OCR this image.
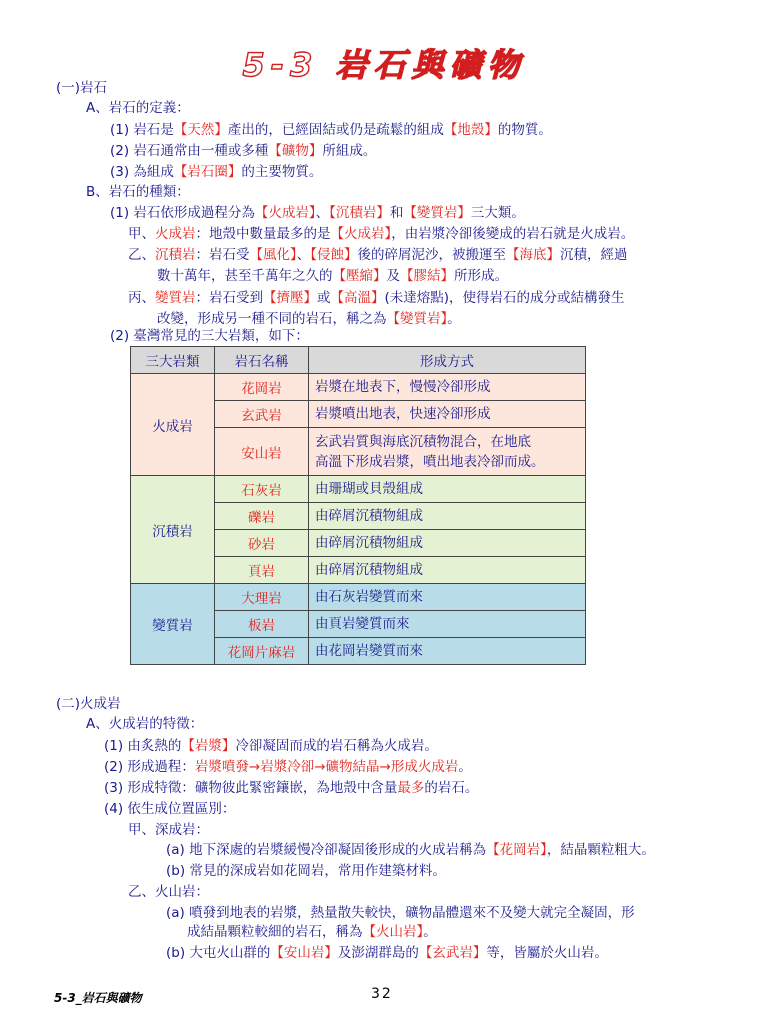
5-3 岩石與礦物
(一)岩石
A、岩石的定義：
(1) 岩石是【天然】產出的，已經固結或仍是疏鬆的組成【地殼】的物質。
(2) 岩石通常由一種或多種【礦物】所組成。
(3) 為組成【岩石圈】的主要物質。
B、岩石的種類：
(1) 岩石依形成過程分為【火成岩】、【沉積岩】和【變質岩】三大類。
甲、火成岩：地殼中數量最多的是【火成岩】，由岩漿冷卻後變成的岩石就是火成岩。
乙、沉積岩：岩石受【風化】、【侵蝕】後的碎屑泥沙，被搬運至【海底】沉積，經過
數十萬年，甚至千萬年之久的【壓縮】及【膠結】所形成。
丙、變質岩：岩石受到【擠壓】或【高溫】(未達熔點)，使得岩石的成分或結構發生
改變，形成另一種不同的岩石，稱之為【變質岩】。
(2) 臺灣常見的三大岩類，如下：
三大岩類	岩石名稱	形成方式
火成岩	花岡岩	岩漿在地表下，慢慢冷卻形成
	玄武岩	岩漿噴出地表，快速冷卻形成
	安山岩	玄武岩質與海底沉積物混合，在地底
高溫下形成岩漿，噴出地表冷卻而成。
沉積岩	石灰岩	由珊瑚或貝殼組成
	礫岩	由碎屑沉積物組成
	砂岩	由碎屑沉積物組成
	頁岩	由碎屑沉積物組成
變質岩	大理岩	由石灰岩變質而來
	板岩	由頁岩變質而來
	花岡片麻岩	由花岡岩變質而來
(二)火成岩
A、火成岩的特徵：
(1) 由炙熱的【岩漿】冷卻凝固而成的岩石稱為火成岩。
(2) 形成過程：岩漿噴發→岩漿冷卻→礦物結晶→形成火成岩。
(3) 形成特徵：礦物彼此緊密鑲嵌，為地殼中含量最多的岩石。
(4) 依生成位置區別：
甲、深成岩：
(a) 地下深處的岩漿緩慢冷卻凝固後形成的火成岩稱為【花岡岩】，結晶顆粒粗大。
(b) 常見的深成岩如花岡岩，常用作建築材料。
乙、火山岩：
(a) 噴發到地表的岩漿，熱量散失較快，礦物晶體還來不及變大就完全凝固，形
成結晶顆粒較細的岩石，稱為【火山岩】。
(b) 大屯火山群的【安山岩】及澎湖群島的【玄武岩】等，皆屬於火山岩。
5-3_岩石與礦物	32
